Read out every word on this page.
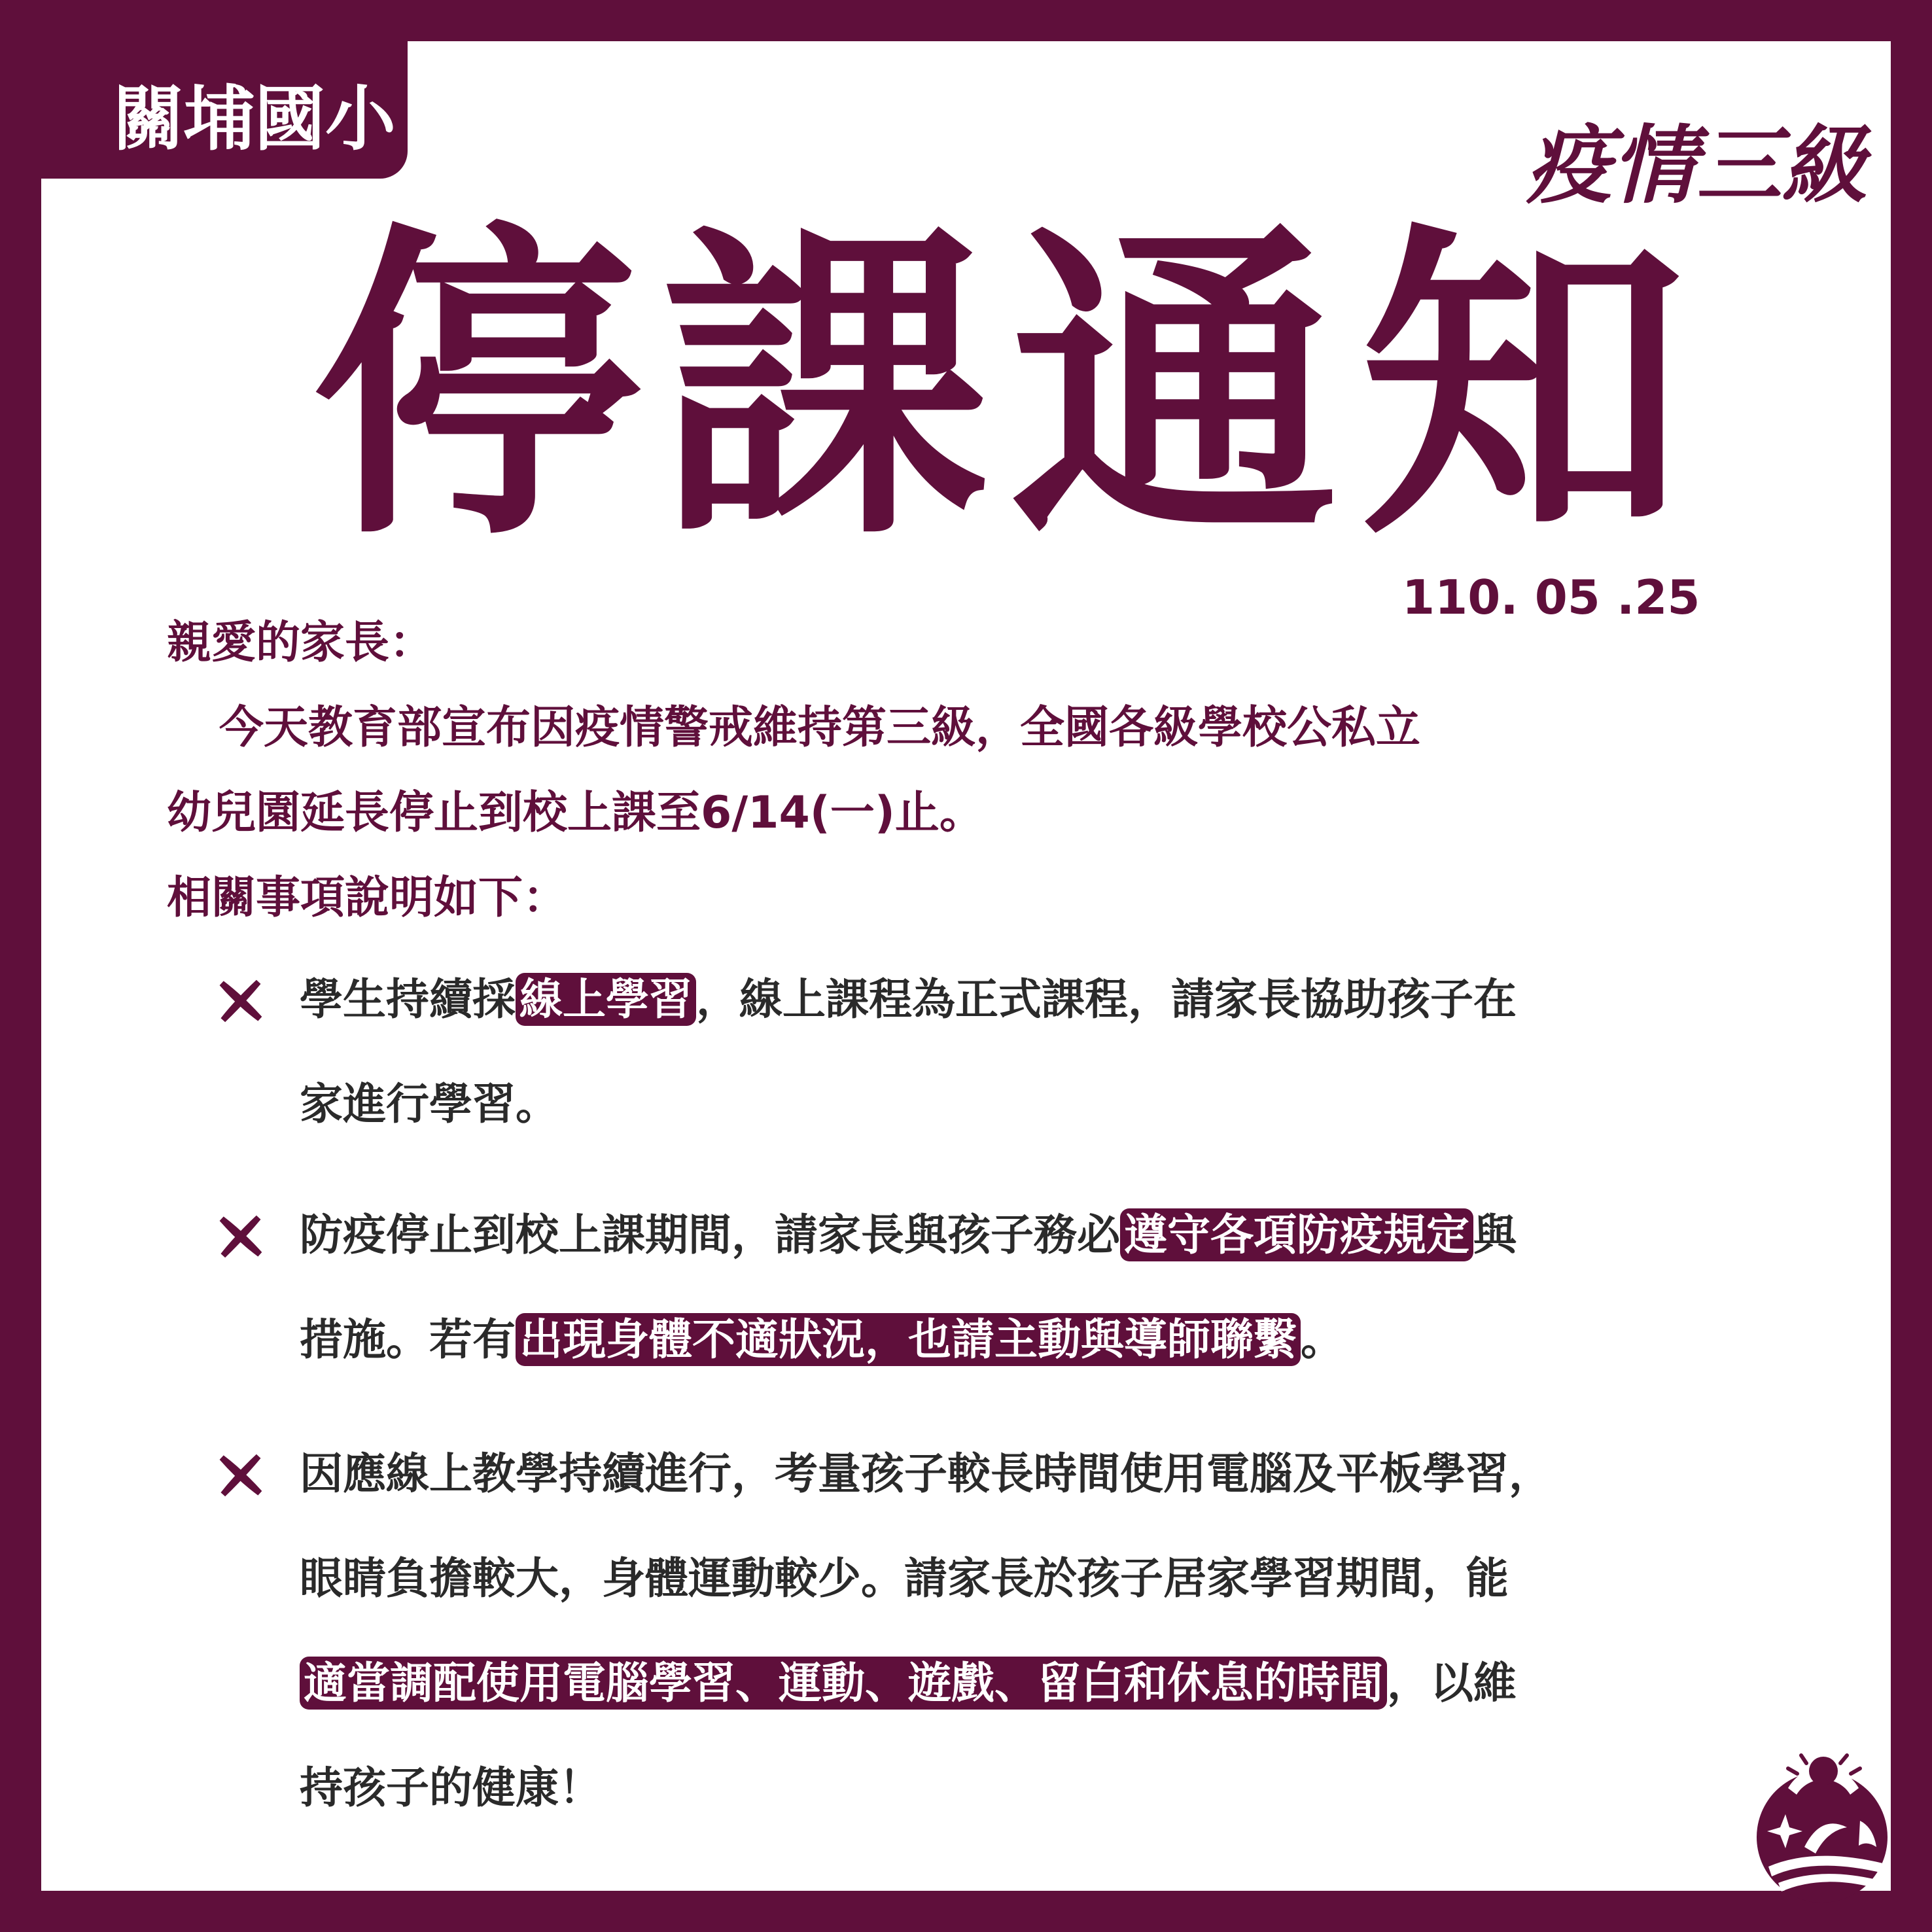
關埔國小	疫情三級
停 課 通 知
110. 05 .25
親愛的家長：
今天教育部宣布因疫情警戒維持第三級，全國各級學校公私立
幼兒園延長停止到校上課至6/14(一)止。
相關事項說明如下：
學生持續採線上學習，線上課程為正式課程，請家長協助孩子在
家進行學習。
防疫停止到校上課期間，請家長與孩子務必遵守各項防疫規定與
措施。若有出現身體不適狀況，也請主動與導師聯繫。
因應線上教學持續進行，考量孩子較長時間使用電腦及平板學習，
眼睛負擔較大，身體運動較少。請家長於孩子居家學習期間，能
適當調配使用電腦學習、運動、遊戲、留白和休息的時間，以維
持孩子的健康！
